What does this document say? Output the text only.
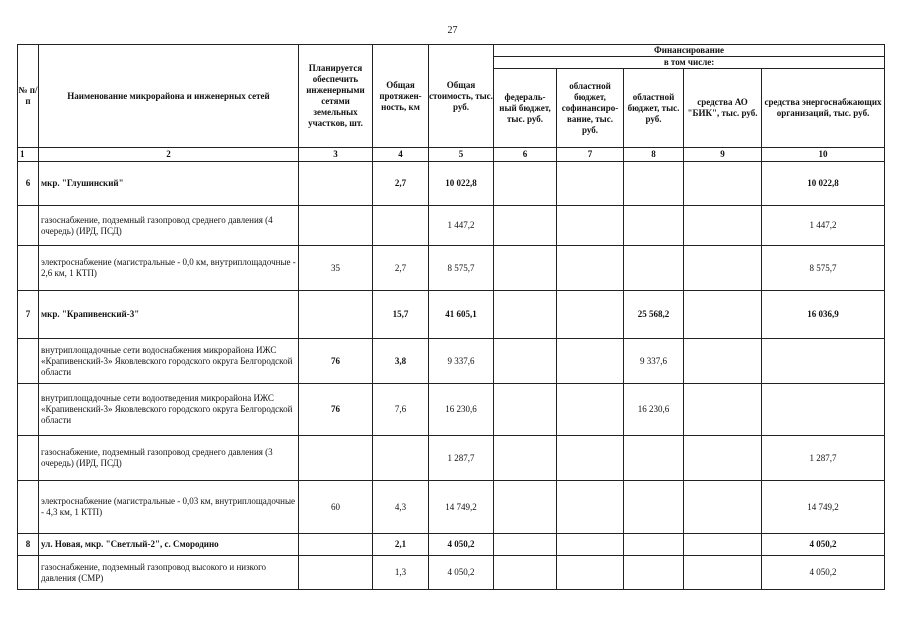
27
№ п/п	Наименование микрорайона и инженерных сетей	Планируется обеспечить инженерными сетями земельных участков, шт.	Общая протяжен-ность, км	Общая стоимость, тыс. руб.	Финансирование				
					в том числе:				
					федераль-ный бюджет, тыс. руб.	областной бюджет, софинансиро-вание, тыс. руб.	областной бюджет, тыс. руб.	средства АО "БИК", тыс. руб.	средства энергоснабжающих организаций, тыс. руб.
1	2	3	4	5	6	7	8	9	10
6	мкр. "Глушинский"		2,7	10 022,8					10 022,8
	газоснабжение, подземный газопровод среднего давления (4 очередь) (ИРД, ПСД)			1 447,2					1 447,2
	электроснабжение (магистральные - 0,0 км, внутриплощадочные - 2,6 км, 1 КТП)	35	2,7	8 575,7					8 575,7
7	мкр. "Крапивенский-3"		15,7	41 605,1			25 568,2		16 036,9
	внутриплощадочные сети водоснабжения микрорайона ИЖС «Крапивенский-3» Яковлевского городского округа Белгородской области	76	3,8	9 337,6			9 337,6		
	внутриплощадочные сети водоотведения микрорайона ИЖС «Крапивенский-3» Яковлевского городского округа Белгородской области	76	7,6	16 230,6			16 230,6		
	газоснабжение, подземный газопровод среднего давления (3 очередь) (ИРД, ПСД)			1 287,7					1 287,7
	электроснабжение (магистральные - 0,03 км, внутриплощадочные - 4,3 км, 1 КТП)	60	4,3	14 749,2					14 749,2
8	ул. Новая, мкр. "Светлый-2", с. Смородино		2,1	4 050,2					4 050,2
	газоснабжение, подземный газопровод высокого и низкого давления (СМР)		1,3	4 050,2					4 050,2
